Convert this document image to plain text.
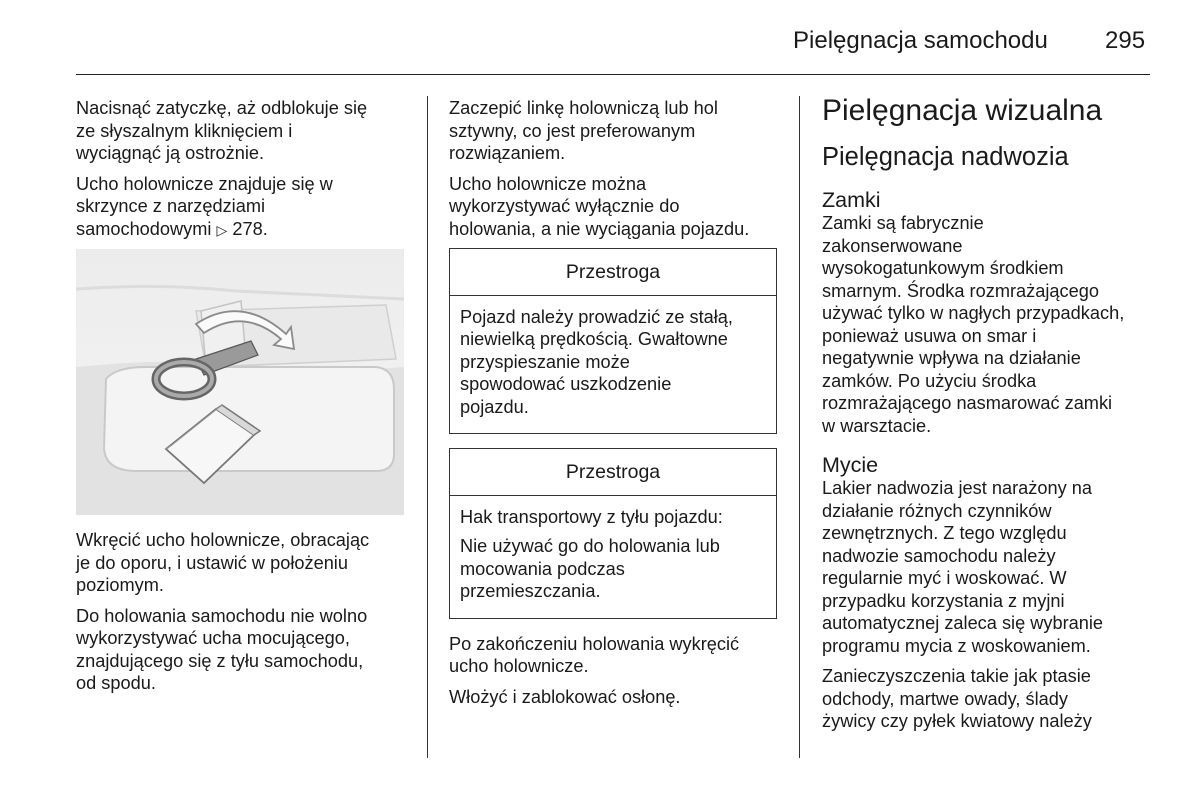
Pielęgnacja samochodu 295

Nacisnąć zatyczkę, aż odblokuje się
ze słyszalnym kliknięciem i
wyciągnąć ją ostrożnie.

Ucho holownicze znajduje się w
skrzynce z narzędziami
samochodowymi ▷ 278.

Wkręcić ucho holownicze, obracając
je do oporu, i ustawić w położeniu
poziomym.

Do holowania samochodu nie wolno
wykorzystywać ucha mocującego,
znajdującego się z tyłu samochodu,
od spodu.

Zaczepić linkę holowniczą lub hol
sztywny, co jest preferowanym
rozwiązaniem.

Ucho holownicze można
wykorzystywać wyłącznie do
holowania, a nie wyciągania pojazdu.

Przestroga

Pojazd należy prowadzić ze stałą,
niewielką prędkością. Gwałtowne
przyspieszanie może
spowodować uszkodzenie
pojazdu.

Przestroga

Hak transportowy z tyłu pojazdu:

Nie używać go do holowania lub
mocowania podczas
przemieszczania.

Po zakończeniu holowania wykręcić
ucho holownicze.

Włożyć i zablokować osłonę.

Pielęgnacja wizualna
Pielęgnacja nadwozia
Zamki

Zamki są fabrycznie
zakonserwowane
wysokogatunkowym środkiem
smarnym. Środka rozmrażającego
używać tylko w nagłych przypadkach,
ponieważ usuwa on smar i
negatywnie wpływa na działanie
zamków. Po użyciu środka
rozmrażającego nasmarować zamki
w warsztacie.

Mycie

Lakier nadwozia jest narażony na
działanie różnych czynników
zewnętrznych. Z tego względu
nadwozie samochodu należy
regularnie myć i woskować. W
przypadku korzystania z myjni
automatycznej zaleca się wybranie
programu mycia z woskowaniem.

Zanieczyszczenia takie jak ptasie
odchody, martwe owady, ślady
żywicy czy pyłek kwiatowy należy
